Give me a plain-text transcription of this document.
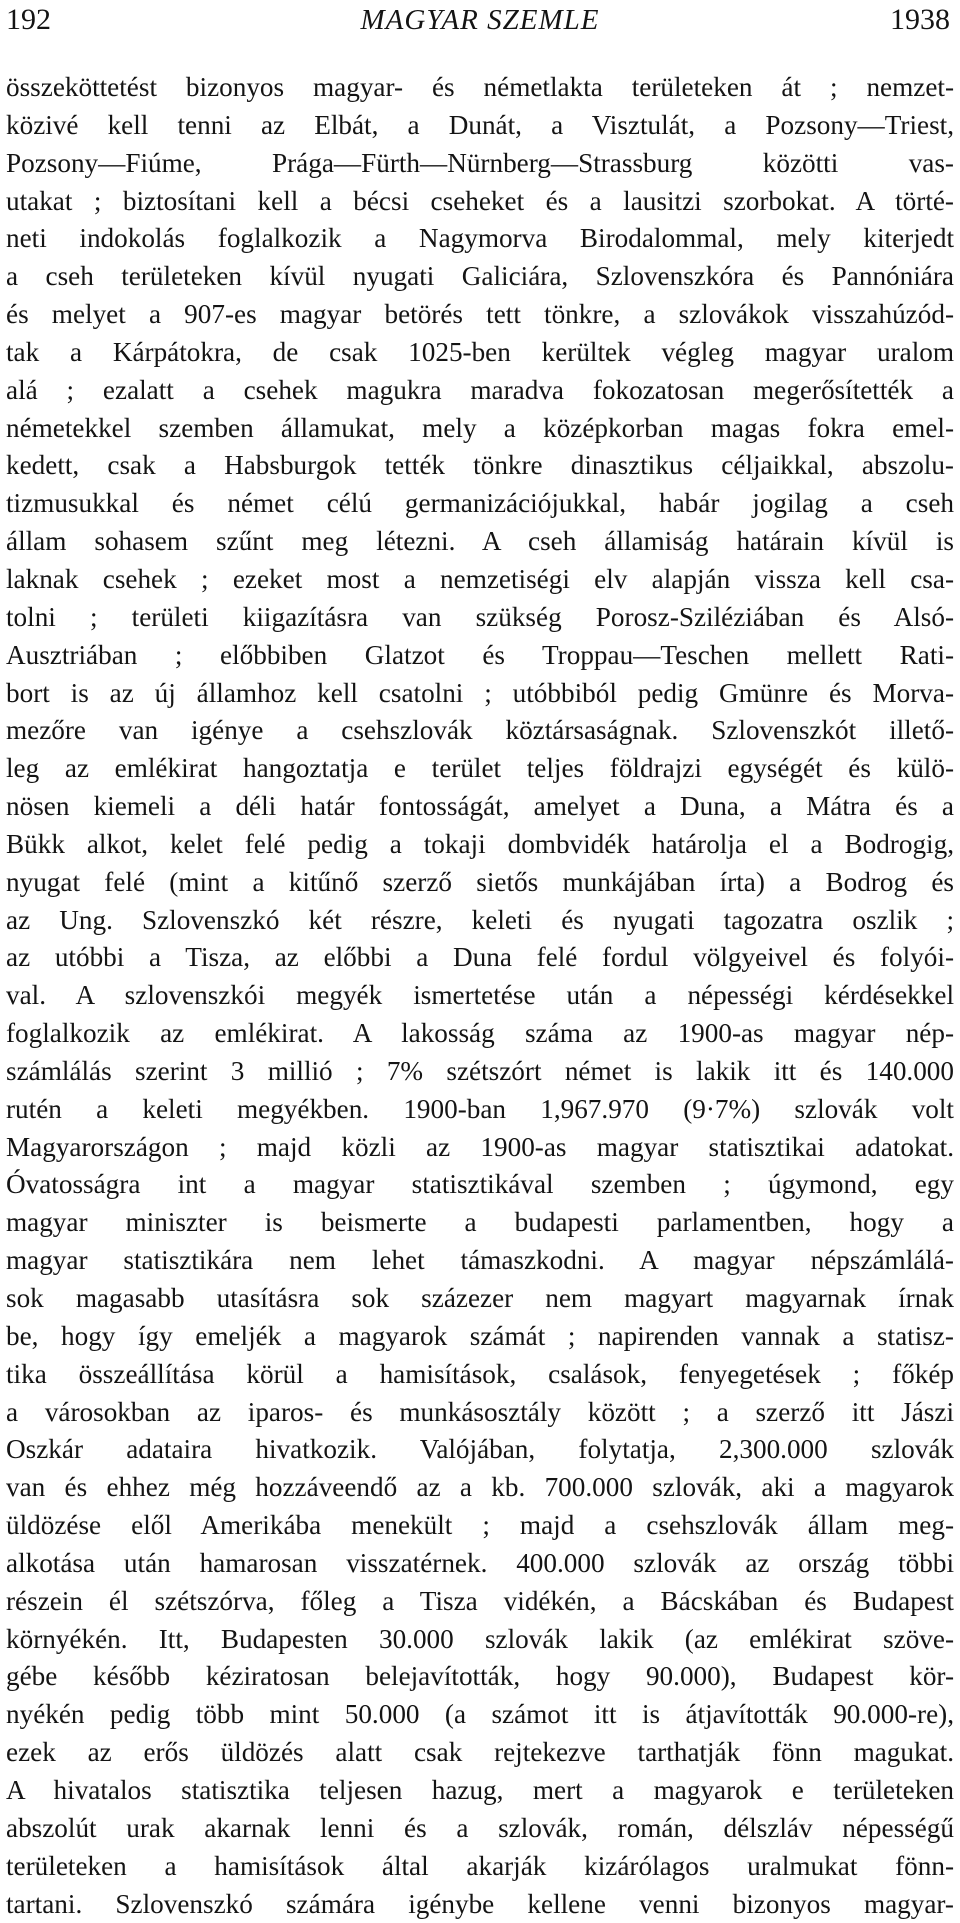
192	MAGYAR SZEMLE	1938
összeköttetést bizonyos magyar- és németlakta területeken át ; nemzet-
közivé kell tenni az Elbát, a Dunát, a Visztulát, a Pozsony—Triest,
Pozsony—Fiúme, Prága—Fürth—Nürnberg—Strassburg közötti vas-
utakat ; biztosítani kell a bécsi cseheket és a lausitzi szorbokat. A törté-
neti indokolás foglalkozik a Nagymorva Birodalommal, mely kiterjedt
a cseh területeken kívül nyugati Galiciára, Szlovenszkóra és Pannóniára
és melyet a 907-es magyar betörés tett tönkre, a szlovákok visszahúzód-
tak a Kárpátokra, de csak 1025-ben kerültek végleg magyar uralom
alá ; ezalatt a csehek magukra maradva fokozatosan megerősítették a
németekkel szemben államukat, mely a középkorban magas fokra emel-
kedett, csak a Habsburgok tették tönkre dinasztikus céljaikkal, abszolu-
tizmusukkal és német célú germanizációjukkal, habár jogilag a cseh
állam sohasem szűnt meg létezni. A cseh államiság határain kívül is
laknak csehek ; ezeket most a nemzetiségi elv alapján vissza kell csa-
tolni ; területi kiigazításra van szükség Porosz-Sziléziában és Alsó-
Ausztriában ; előbbiben Glatzot és Troppau—Teschen mellett Rati-
bort is az új államhoz kell csatolni ; utóbbiból pedig Gmünre és Morva-
mezőre van igénye a csehszlovák köztársaságnak. Szlovenszkót illető-
leg az emlékirat hangoztatja e terület teljes földrajzi egységét és külö-
nösen kiemeli a déli határ fontosságát, amelyet a Duna, a Mátra és a
Bükk alkot, kelet felé pedig a tokaji dombvidék határolja el a Bodrogig,
nyugat felé (mint a kitűnő szerző sietős munkájában írta) a Bodrog és
az Ung. Szlovenszkó két részre, keleti és nyugati tagozatra oszlik ;
az utóbbi a Tisza, az előbbi a Duna felé fordul völgyeivel és folyói-
val. A szlovenszkói megyék ismertetése után a népességi kérdésekkel
foglalkozik az emlékirat. A lakosság száma az 1900-as magyar nép-
számlálás szerint 3 millió ; 7% szétszórt német is lakik itt és 140.000
rutén a keleti megyékben. 1900-ban 1,967.970 (9·7%) szlovák volt
Magyarországon ; majd közli az 1900-as magyar statisztikai adatokat.
Óvatosságra int a magyar statisztikával szemben ; úgymond, egy
magyar miniszter is beismerte a budapesti parlamentben, hogy a
magyar statisztikára nem lehet támaszkodni. A magyar népszámlálá-
sok magasabb utasításra sok százezer nem magyart magyarnak írnak
be, hogy így emeljék a magyarok számát ; napirenden vannak a statisz-
tika összeállítása körül a hamisítások, csalások, fenyegetések ; főkép
a városokban az iparos- és munkásosztály között ; a szerző itt Jászi
Oszkár adataira hivatkozik. Valójában, folytatja, 2,300.000 szlovák
van és ehhez még hozzáveendő az a kb. 700.000 szlovák, aki a magyarok
üldözése elől Amerikába menekült ; majd a csehszlovák állam meg-
alkotása után hamarosan visszatérnek. 400.000 szlovák az ország többi
részein él szétszórva, főleg a Tisza vidékén, a Bácskában és Budapest
környékén. Itt, Budapesten 30.000 szlovák lakik (az emlékirat szöve-
gébe később kéziratosan belejavították, hogy 90.000), Budapest kör-
nyékén pedig több mint 50.000 (a számot itt is átjavították 90.000-re),
ezek az erős üldözés alatt csak rejtekezve tarthatják fönn magukat.
A hivatalos statisztika teljesen hazug, mert a magyarok e területeken
abszolút urak akarnak lenni és a szlovák, román, délszláv népességű
területeken a hamisítások által akarják kizárólagos uralmukat fönn-
tartani. Szlovenszkó számára igénybe kellene venni bizonyos magyar-
